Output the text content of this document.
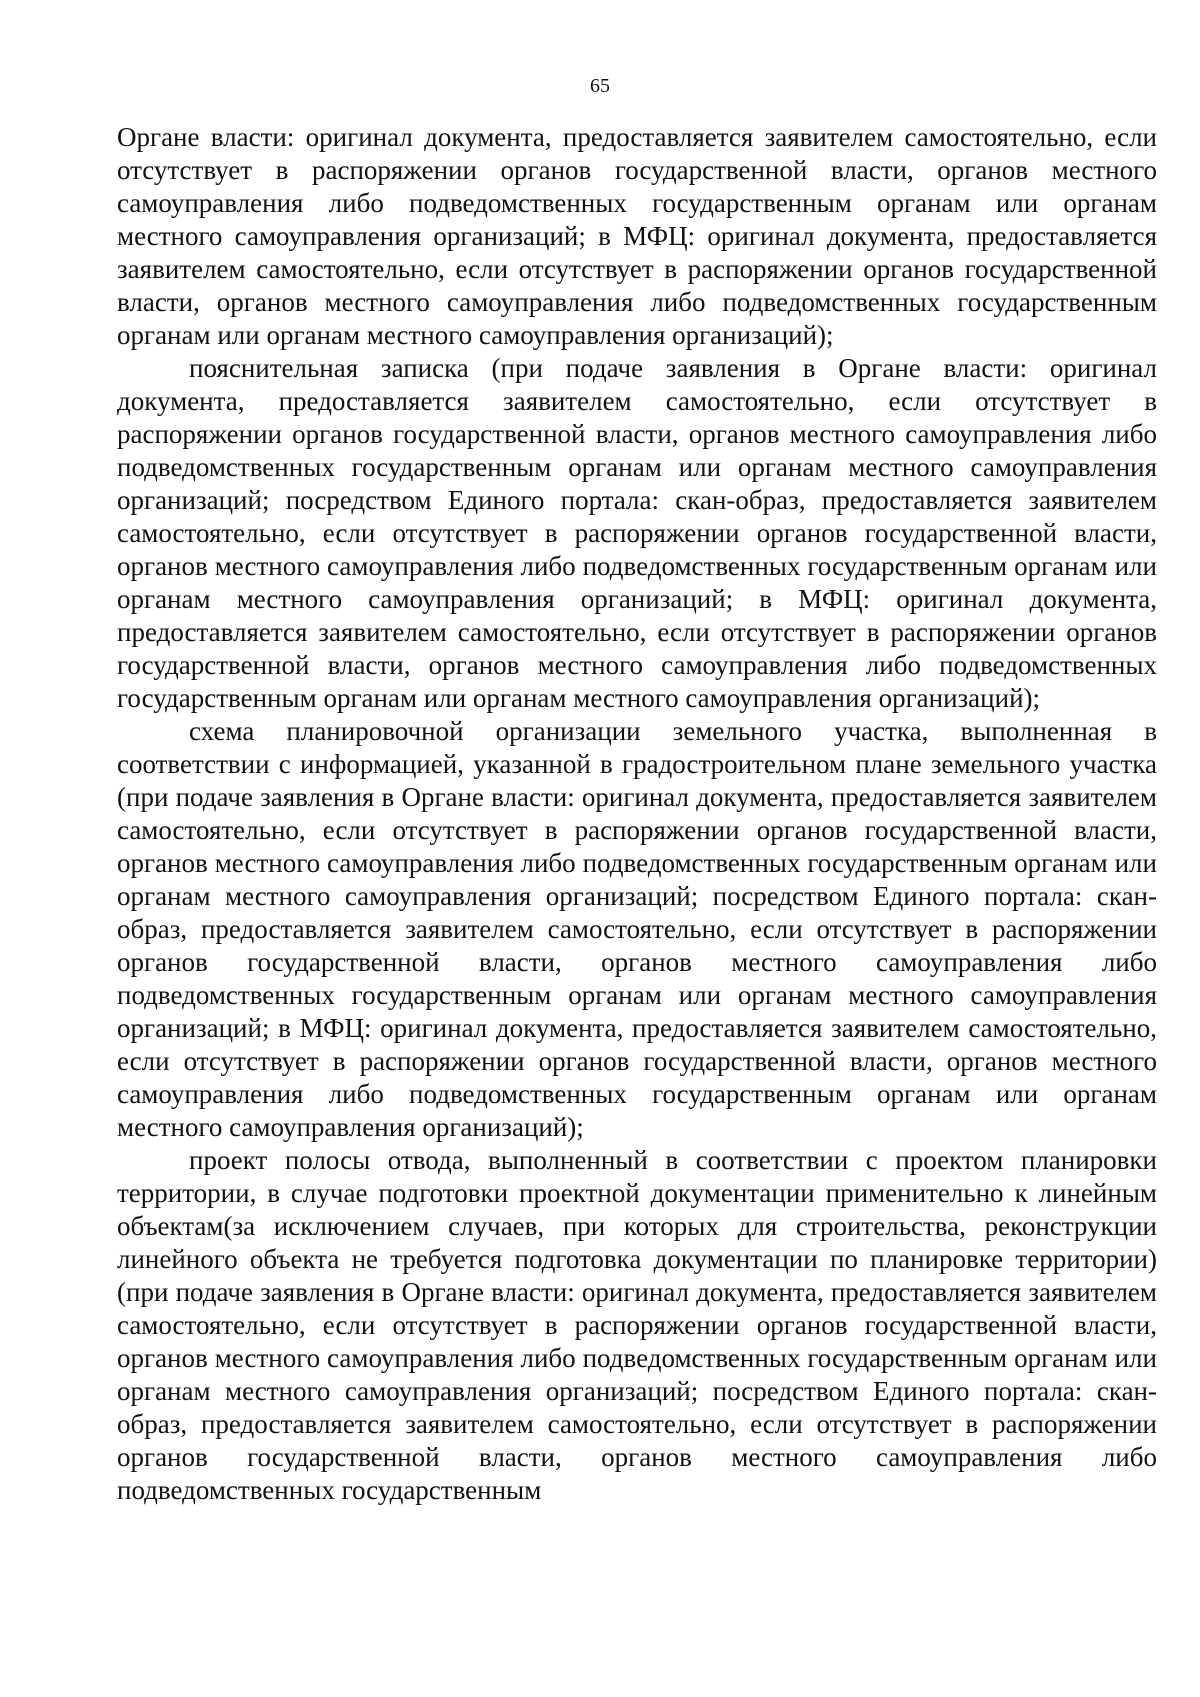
65

Органе власти: оригинал документа, предоставляется заявителем самостоятельно, если отсутствует в распоряжении органов государственной власти, органов местного самоуправления либо подведомственных государственным органам или органам местного самоуправления организаций; в МФЦ: оригинал документа, предоставляется заявителем самостоятельно, если отсутствует в распоряжении органов государственной власти, органов местного самоуправления либо подведомственных государственным органам или органам местного самоуправления организаций);

пояснительная записка (при подаче заявления в Органе власти: оригинал документа, предоставляется заявителем самостоятельно, если отсутствует в распоряжении органов государственной власти, органов местного самоуправления либо подведомственных государственным органам или органам местного самоуправления организаций; посредством Единого портала: скан-образ, предоставляется заявителем самостоятельно, если отсутствует в распоряжении органов государственной власти, органов местного самоуправления либо подведомственных государственным органам или органам местного самоуправления организаций; в МФЦ: оригинал документа, предоставляется заявителем самостоятельно, если отсутствует в распоряжении органов государственной власти, органов местного самоуправления либо подведомственных государственным органам или органам местного самоуправления организаций);

схема планировочной организации земельного участка, выполненная в соответствии с информацией, указанной в градостроительном плане земельного участка (при подаче заявления в Органе власти: оригинал документа, предоставляется заявителем самостоятельно, если отсутствует в распоряжении органов государственной власти, органов местного самоуправления либо подведомственных государственным органам или органам местного самоуправления организаций; посредством Единого портала: скан-образ, предоставляется заявителем самостоятельно, если отсутствует в распоряжении органов государственной власти, органов местного самоуправления либо подведомственных государственным органам или органам местного самоуправления организаций; в МФЦ: оригинал документа, предоставляется заявителем самостоятельно, если отсутствует в распоряжении органов государственной власти, органов местного самоуправления либо подведомственных государственным органам или органам местного самоуправления организаций);

проект полосы отвода, выполненный в соответствии с проектом планировки территории, в случае подготовки проектной документации применительно к линейным объектам(за исключением случаев, при которых для строительства, реконструкции линейного объекта не требуется подготовка документации по планировке территории) (при подаче заявления в Органе власти: оригинал документа, предоставляется заявителем самостоятельно, если отсутствует в распоряжении органов государственной власти, органов местного самоуправления либо подведомственных государственным органам или органам местного самоуправления организаций; посредством Единого портала: скан-образ, предоставляется заявителем самостоятельно, если отсутствует в распоряжении органов государственной власти, органов местного самоуправления либо подведомственных государственным
